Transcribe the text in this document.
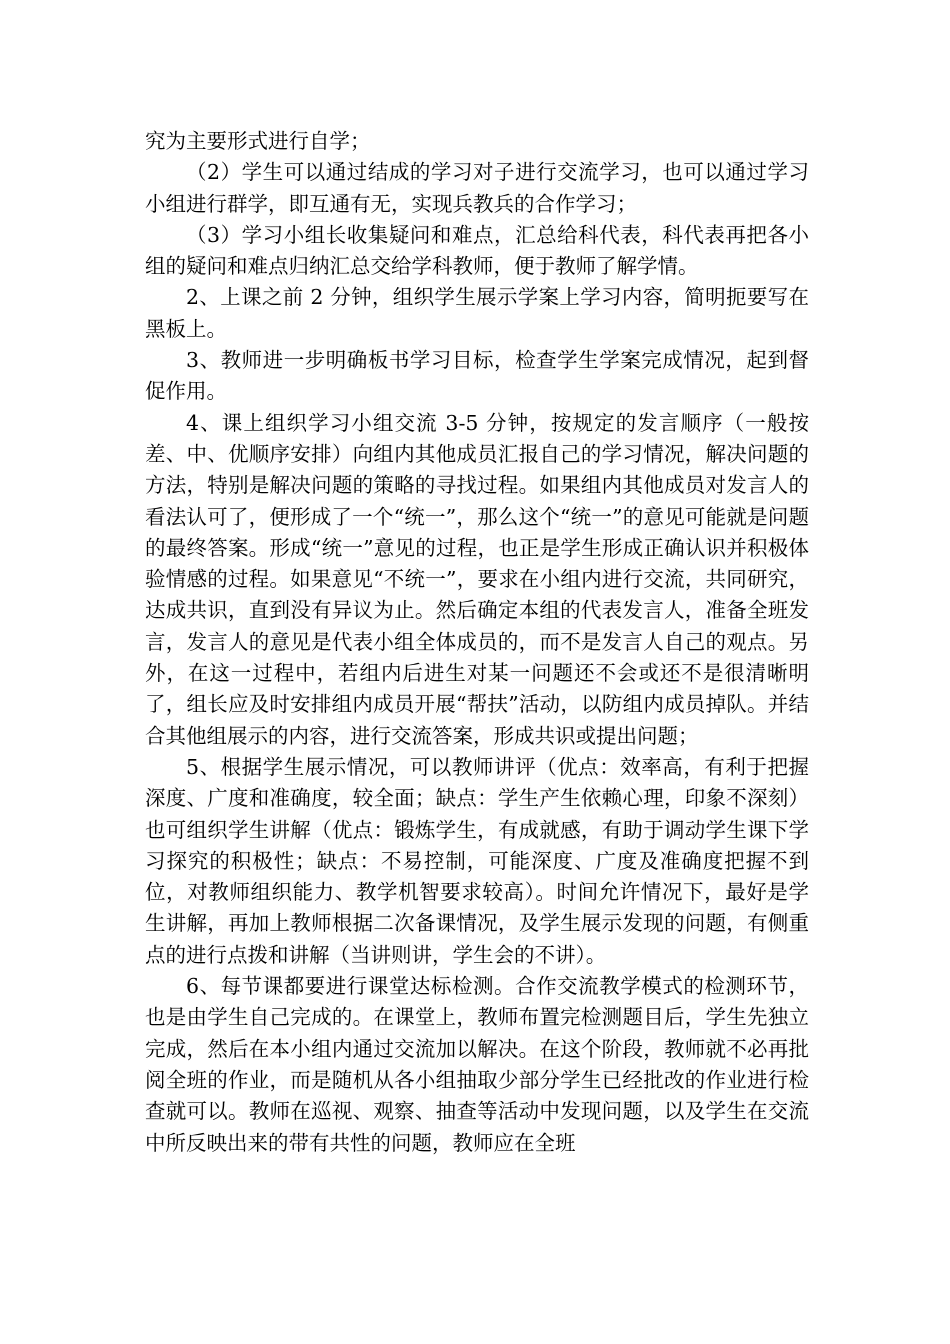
究为主要形式进行自学；

（2）学生可以通过结成的学习对子进行交流学习，也可以通过学习小组进行群学，即互通有无，实现兵教兵的合作学习；

（3）学习小组长收集疑问和难点，汇总给科代表，科代表再把各小组的疑问和难点归纳汇总交给学科教师，便于教师了解学情。

2、上课之前 2 分钟，组织学生展示学案上学习内容，简明扼要写在黑板上。

3、教师进一步明确板书学习目标，检查学生学案完成情况，起到督促作用。

4、课上组织学习小组交流 3-5 分钟，按规定的发言顺序（一般按差、中、优顺序安排）向组内其他成员汇报自己的学习情况，解决问题的方法，特别是解决问题的策略的寻找过程。如果组内其他成员对发言人的看法认可了，便形成了一个“统一”，那么这个“统一”的意见可能就是问题的最终答案。形成“统一”意见的过程，也正是学生形成正确认识并积极体验情感的过程。如果意见“不统一”，要求在小组内进行交流，共同研究，达成共识，直到没有异议为止。然后确定本组的代表发言人，准备全班发言，发言人的意见是代表小组全体成员的，而不是发言人自己的观点。另外，在这一过程中，若组内后进生对某一问题还不会或还不是很清晰明了，组长应及时安排组内成员开展“帮扶”活动，以防组内成员掉队。并结合其他组展示的内容，进行交流答案，形成共识或提出问题；

5、根据学生展示情况，可以教师讲评（优点：效率高，有利于把握深度、广度和准确度，较全面；缺点：学生产生依赖心理，印象不深刻）也可组织学生讲解（优点：锻炼学生，有成就感，有助于调动学生课下学习探究的积极性；缺点：不易控制，可能深度、广度及准确度把握不到位，对教师组织能力、教学机智要求较高）。时间允许情况下，最好是学生讲解，再加上教师根据二次备课情况，及学生展示发现的问题，有侧重点的进行点拨和讲解（当讲则讲，学生会的不讲）。

6、每节课都要进行课堂达标检测。合作交流教学模式的检测环节，也是由学生自己完成的。在课堂上，教师布置完检测题目后，学生先独立完成，然后在本小组内通过交流加以解决。在这个阶段，教师就不必再批阅全班的作业，而是随机从各小组抽取少部分学生已经批改的作业进行检查就可以。教师在巡视、观察、抽查等活动中发现问题，以及学生在交流中所反映出来的带有共性的问题，教师应在全班
